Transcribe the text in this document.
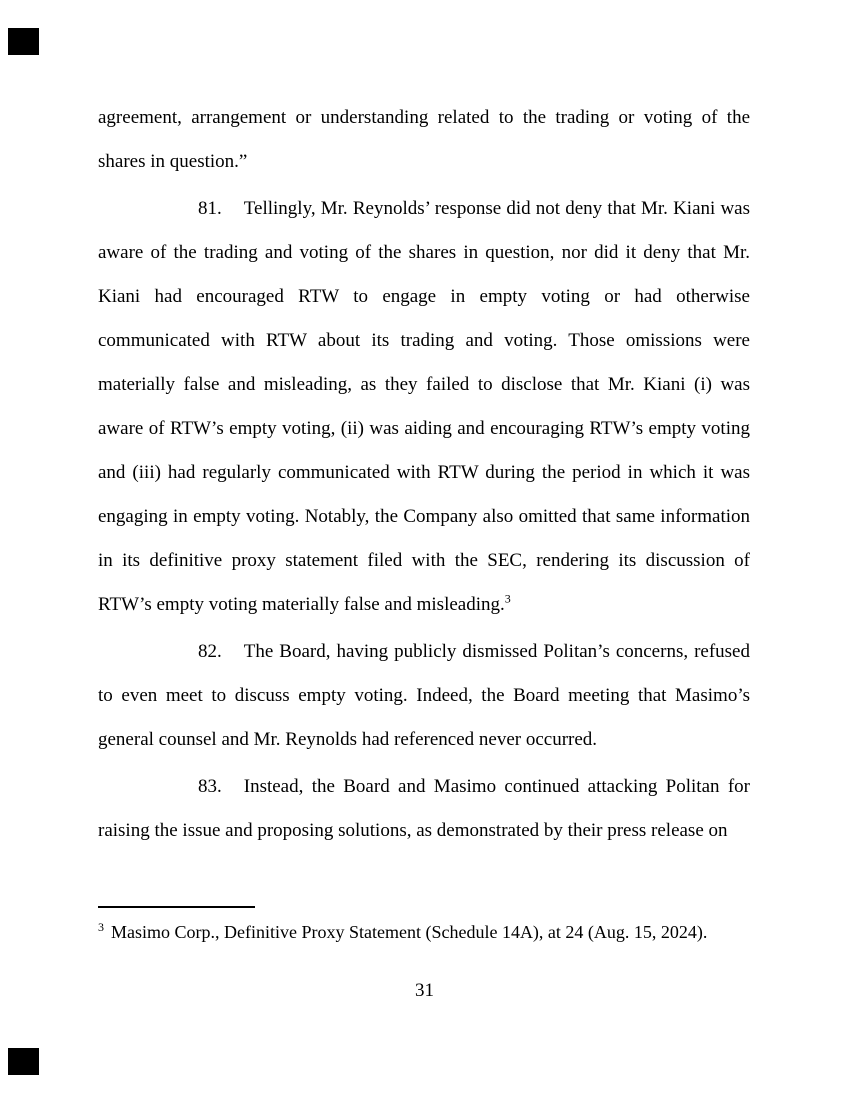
agreement, arrangement or understanding related to the trading or voting of the shares in question.”

81. Tellingly, Mr. Reynolds’ response did not deny that Mr. Kiani was aware of the trading and voting of the shares in question, nor did it deny that Mr. Kiani had encouraged RTW to engage in empty voting or had otherwise communicated with RTW about its trading and voting. Those omissions were materially false and misleading, as they failed to disclose that Mr. Kiani (i) was aware of RTW’s empty voting, (ii) was aiding and encouraging RTW’s empty voting and (iii) had regularly communicated with RTW during the period in which it was engaging in empty voting. Notably, the Company also omitted that same information in its definitive proxy statement filed with the SEC, rendering its discussion of RTW’s empty voting materially false and misleading.$^3$

82. The Board, having publicly dismissed Politan’s concerns, refused to even meet to discuss empty voting. Indeed, the Board meeting that Masimo’s general counsel and Mr. Reynolds had referenced never occurred.

83. Instead, the Board and Masimo continued attacking Politan for raising the issue and proposing solutions, as demonstrated by their press release on

$^3$ Masimo Corp., Definitive Proxy Statement (Schedule 14A), at 24 (Aug. 15, 2024).
31
